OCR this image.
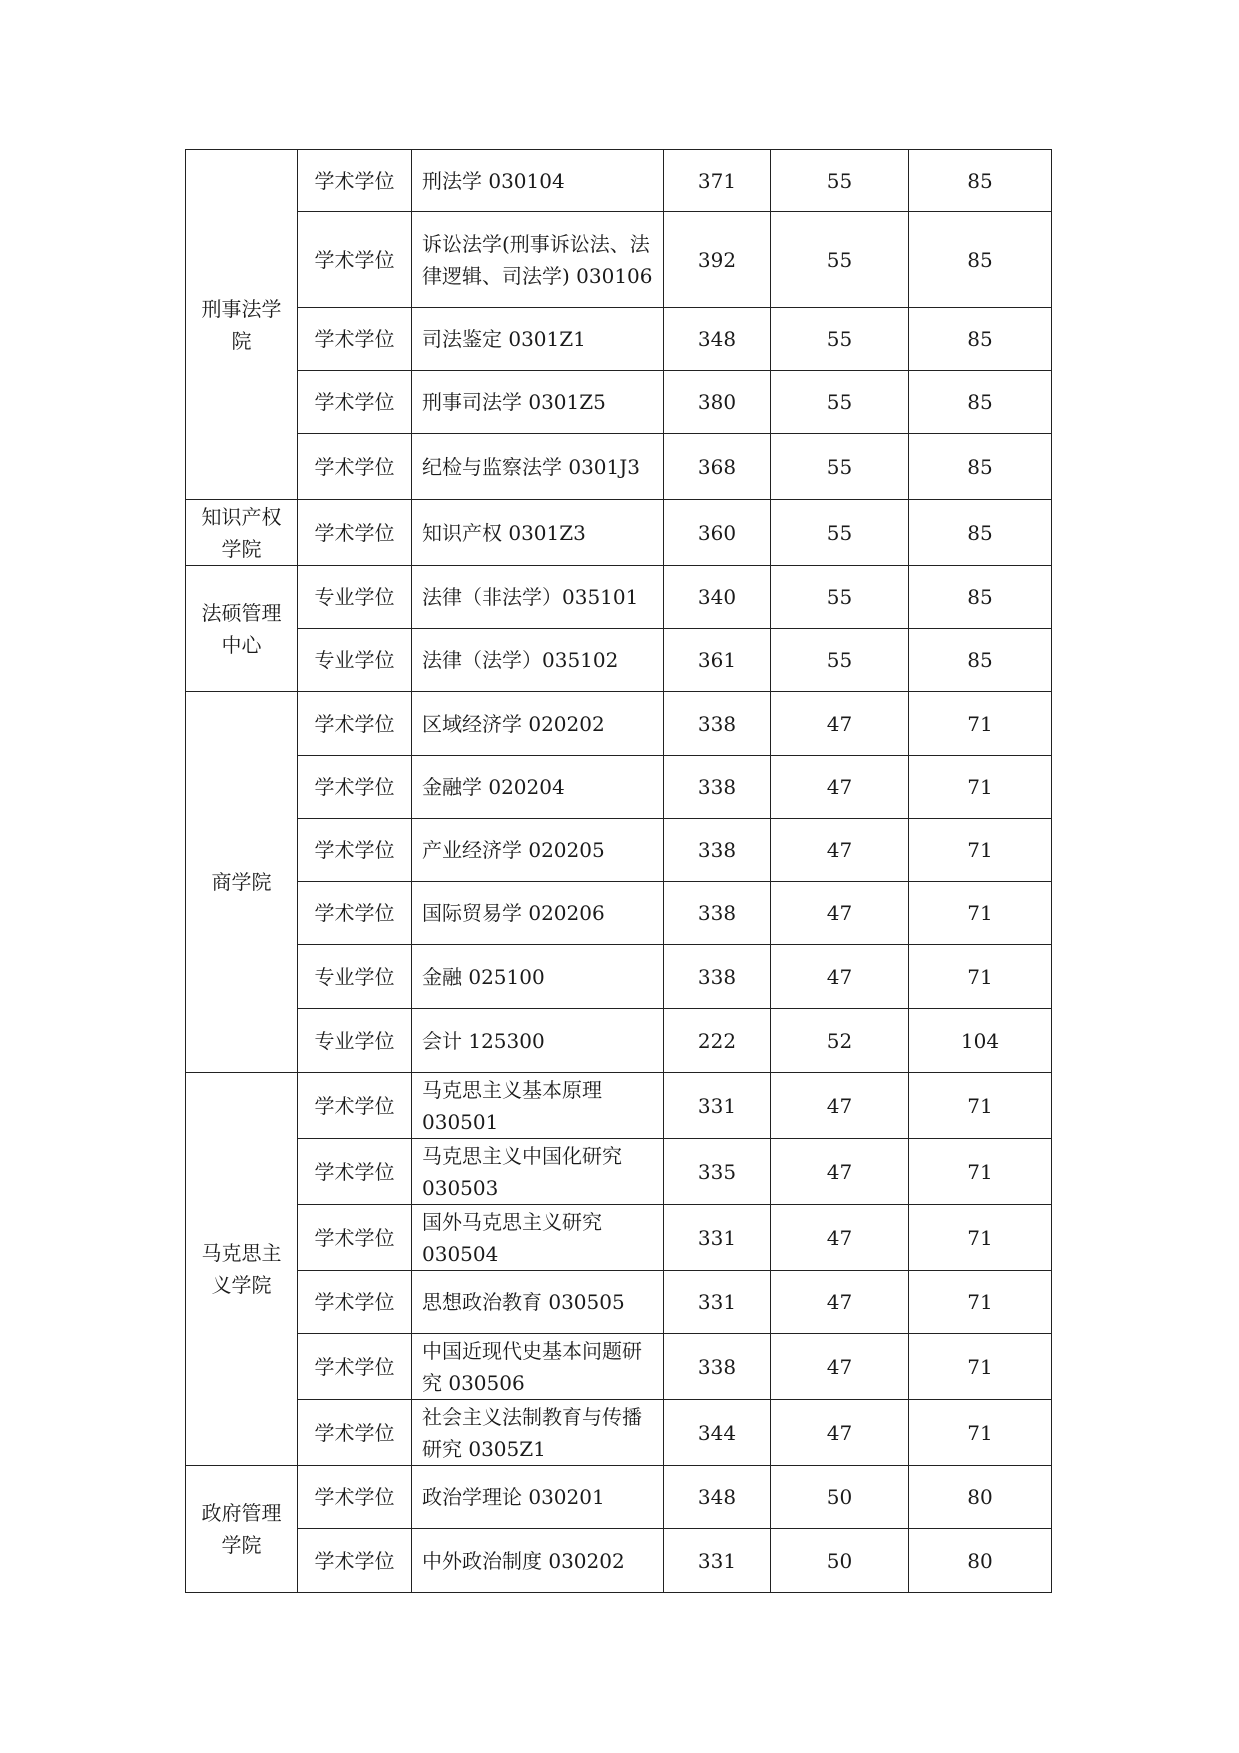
刑事法学院	学术学位	刑法学 030104	371	55	85
	学术学位	诉讼法学(刑事诉讼法、法律逻辑、司法学) 030106	392	55	85
	学术学位	司法鉴定 0301Z1	348	55	85
	学术学位	刑事司法学 0301Z5	380	55	85
	学术学位	纪检与监察法学 0301J3	368	55	85
知识产权学院	学术学位	知识产权 0301Z3	360	55	85
法硕管理中心	专业学位	法律（非法学）035101	340	55	85
	专业学位	法律（法学）035102	361	55	85
商学院	学术学位	区域经济学 020202	338	47	71
	学术学位	金融学 020204	338	47	71
	学术学位	产业经济学 020205	338	47	71
	学术学位	国际贸易学 020206	338	47	71
	专业学位	金融 025100	338	47	71
	专业学位	会计 125300	222	52	104
马克思主义学院	学术学位	马克思主义基本原理 030501	331	47	71
	学术学位	马克思主义中国化研究 030503	335	47	71
	学术学位	国外马克思主义研究 030504	331	47	71
	学术学位	思想政治教育 030505	331	47	71
	学术学位	中国近现代史基本问题研究 030506	338	47	71
	学术学位	社会主义法制教育与传播研究 0305Z1	344	47	71
政府管理学院	学术学位	政治学理论 030201	348	50	80
	学术学位	中外政治制度 030202	331	50	80
